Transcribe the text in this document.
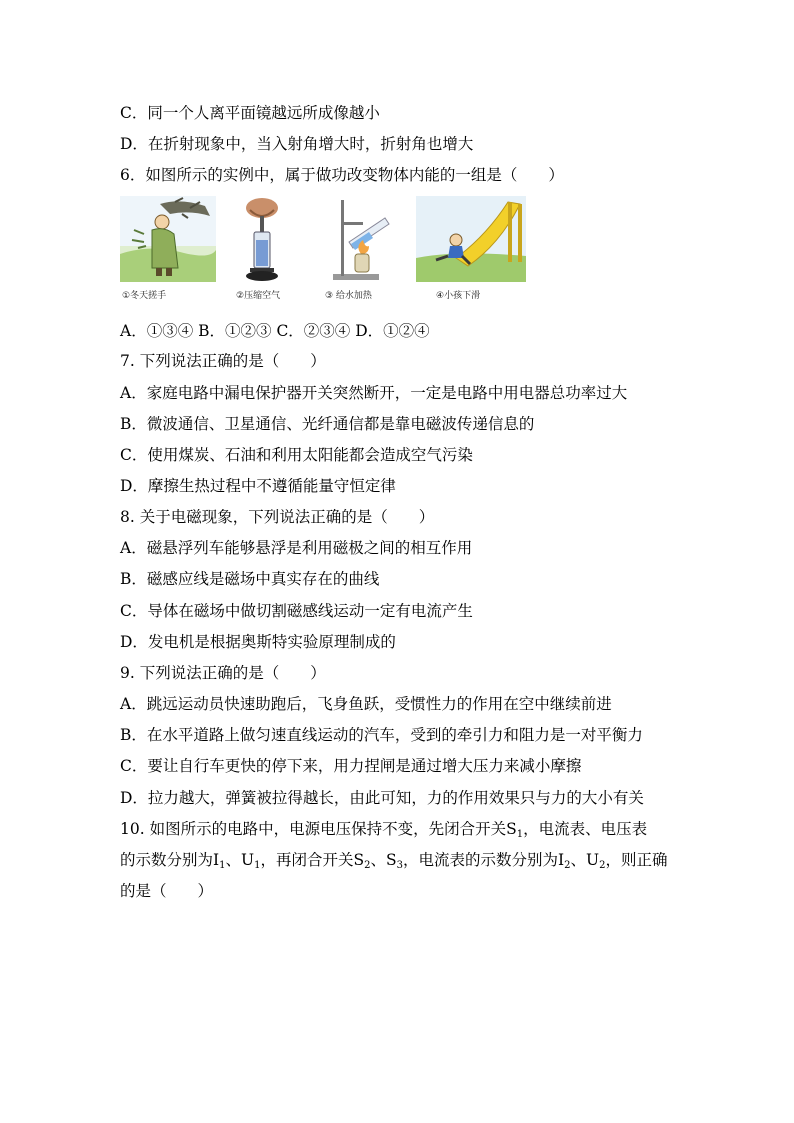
C．同一个人离平面镜越远所成像越小
D．在折射现象中，当入射角增大时，折射角也增大
6．如图所示的实例中，属于做功改变物体内能的一组是（　　）
①冬天搓手	②压缩空气	③ 给水加热	④小孩下滑
A．①③④ B．①②③ C．②③④ D．①②④
7. 下列说法正确的是（　　）
A．家庭电路中漏电保护器开关突然断开，一定是电路中用电器总功率过大
B．微波通信、卫星通信、光纤通信都是靠电磁波传递信息的
C．使用煤炭、石油和利用太阳能都会造成空气污染
D．摩擦生热过程中不遵循能量守恒定律
8. 关于电磁现象，下列说法正确的是（　　）
A．磁悬浮列车能够悬浮是利用磁极之间的相互作用
B．磁感应线是磁场中真实存在的曲线
C．导体在磁场中做切割磁感线运动一定有电流产生
D．发电机是根据奥斯特实验原理制成的
9. 下列说法正确的是（　　）
A．跳远运动员快速助跑后，飞身鱼跃，受惯性力的作用在空中继续前进
B．在水平道路上做匀速直线运动的汽车，受到的牵引力和阻力是一对平衡力
C．要让自行车更快的停下来，用力捏闸是通过增大压力来减小摩擦
D．拉力越大，弹簧被拉得越长，由此可知，力的作用效果只与力的大小有关
10. 如图所示的电路中，电源电压保持不变，先闭合开关$S_1$，电流表、电压表
的示数分别为$I_1$、$U_1$，再闭合开关$S_2$、$S_3$，电流表的示数分别为$I_2$、$U_2$，则正确
的是（　　）
